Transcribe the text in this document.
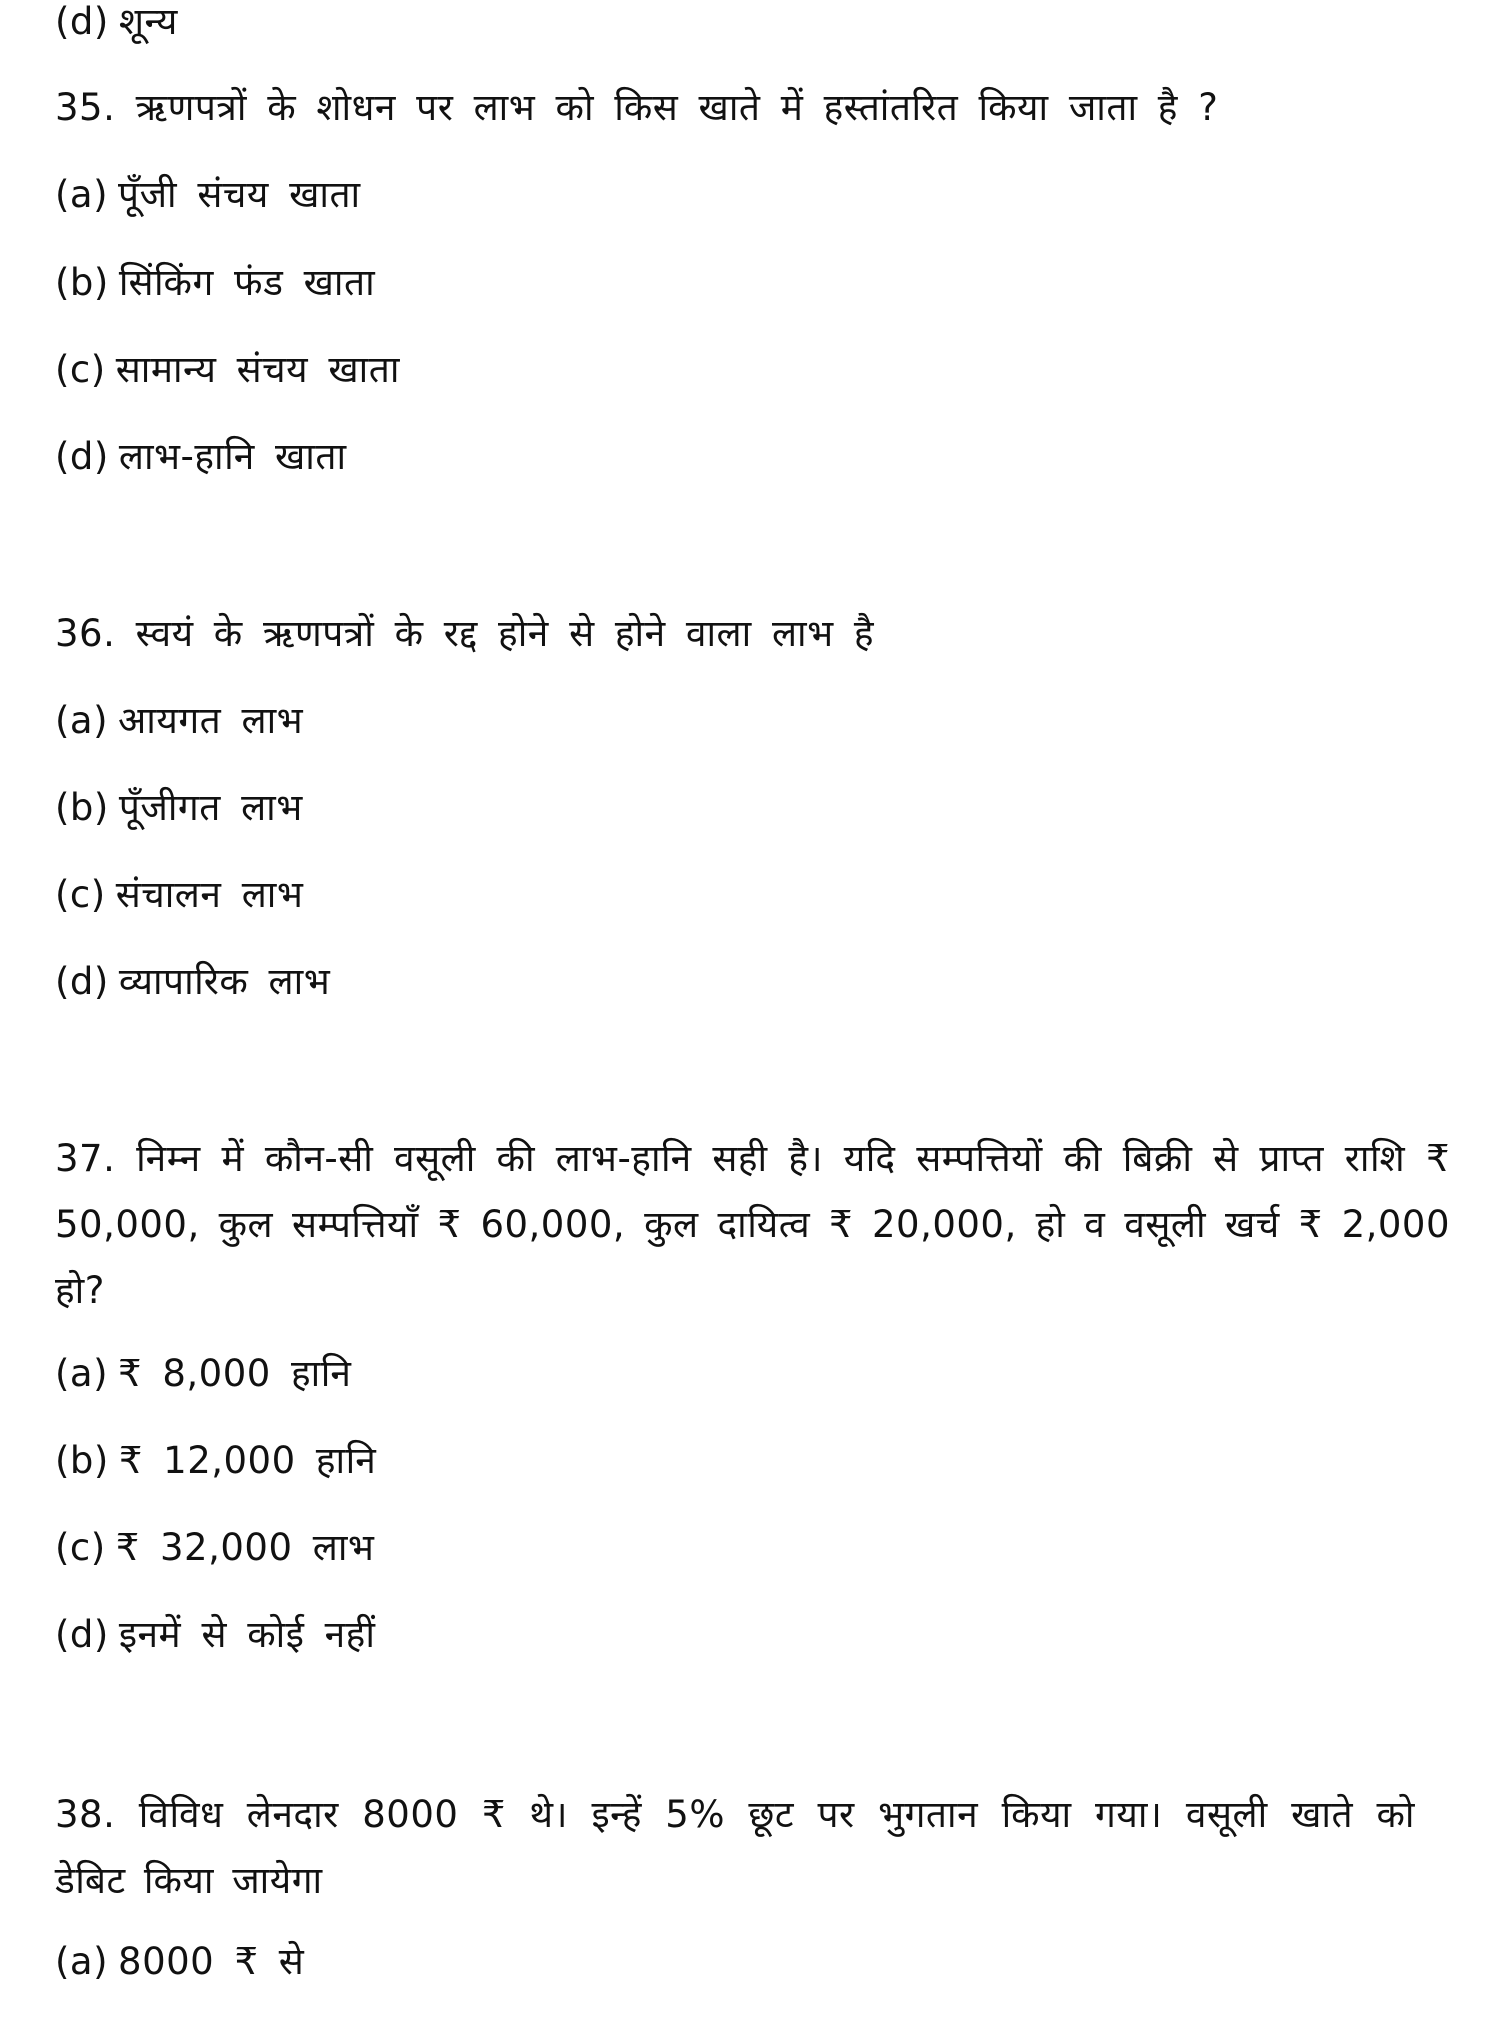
(d) शून्य
35. ऋणपत्रों के शोधन पर लाभ को किस खाते में हस्तांतरित किया जाता है ?
(a) पूँजी संचय खाता
(b) सिंकिंग फंड खाता
(c) सामान्य संचय खाता
(d) लाभ-हानि खाता
36. स्वयं के ऋणपत्रों के रद्द होने से होने वाला लाभ है
(a) आयगत लाभ
(b) पूँजीगत लाभ
(c) संचालन लाभ
(d) व्यापारिक लाभ
37. निम्न में कौन-सी वसूली की लाभ-हानि सही है। यदि सम्पत्तियों की बिक्री से प्राप्त राशि ₹ 50,000, कुल सम्पत्तियाँ ₹ 60,000, कुल दायित्व ₹ 20,000, हो व वसूली खर्च ₹ 2,000 हो?
(a) ₹ 8,000 हानि
(b) ₹ 12,000 हानि
(c) ₹ 32,000 लाभ
(d) इनमें से कोई नहीं
38. विविध लेनदार 8000 ₹ थे। इन्हें 5% छूट पर भुगतान किया गया। वसूली खाते को डेबिट किया जायेगा
(a) 8000 ₹ से
